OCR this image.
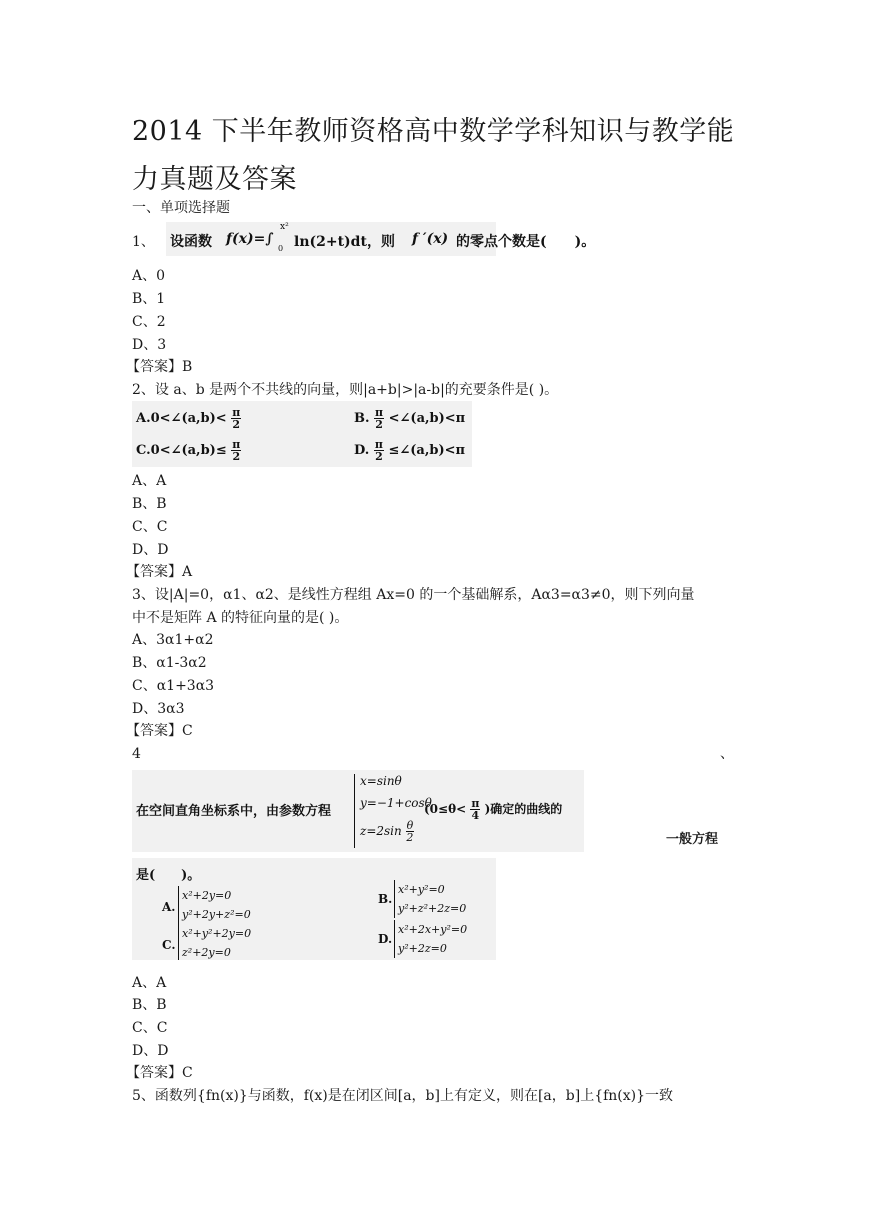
2014 下半年教师资格高中数学学科知识与教学能力真题及答案
一、单项选择题
1、 设函数 f(x)=∫
x²
0 ln(2+t)dt，则 f ′(x) 的零点个数是(　　)。
A、0
B、1
C、2
D、3
【答案】B
2、设 a、b 是两个不共线的向量，则|a+b|>|a-b|的充要条件是( )。
A.0<∠(a,b)< $\frac{\pi}{2}$	B. $\frac{\pi}{2}$ <∠(a,b)<π
C.0<∠(a,b)≤ $\frac{\pi}{2}$	D. $\frac{\pi}{2}$ ≤∠(a,b)<π
A、A
B、B
C、C
D、D
【答案】A
3、设|A|=0，α1、α2、是线性方程组 Ax=0 的一个基础解系，Aα3=α3≠0，则下列向量
中不是矩阵 A 的特征向量的是( )。
A、3α1+α2
B、α1-3α2
C、α1+3α3
D、3α3
【答案】C
4	、
在空间直角坐标系中，由参数方程
x=sinθ
y=−1+cosθ
$z=2\sin \frac{\theta}{2}$
($0\le\theta< \frac{\pi}{4}$ )确定的曲线的
一般方程
是(　　)。
A.
x²+2y=0
y²+2y+z²=0
B.
x²+y²=0
y²+z²+2z=0
C.
x²+y²+2y=0
z²+2y=0
D.
x²+2x+y²=0
y²+2z=0
A、A
B、B
C、C
D、D
【答案】C
5、函数列{fn(x)}与函数，f(x)是在闭区间[a，b]上有定义，则在[a，b]上{fn(x)}一致
